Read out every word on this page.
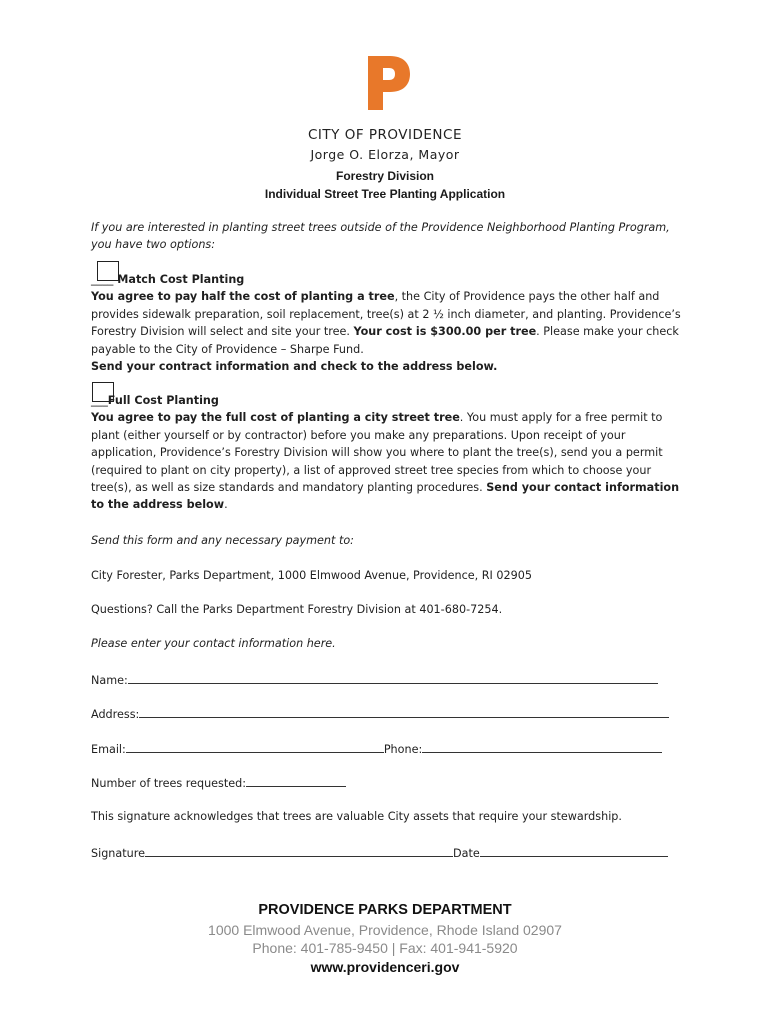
CITY OF PROVIDENCE
Jorge O. Elorza, Mayor
Forestry Division
Individual Street Tree Planting Application
If you are interested in planting street trees outside of the Providence Neighborhood Planting Program, you have two options:
____ Match Cost Planting
You agree to pay half the cost of planting a tree, the City of Providence pays the other half and provides sidewalk preparation, soil replacement, tree(s) at 2 ½ inch diameter, and planting. Providence’s Forestry Division will select and site your tree. Your cost is $300.00 per tree. Please make your check payable to the City of Providence – Sharpe Fund.
Send your contract information and check to the address below.
___Full Cost Planting
You agree to pay the full cost of planting a city street tree. You must apply for a free permit to plant (either yourself or by contractor) before you make any preparations. Upon receipt of your application, Providence’s Forestry Division will show you where to plant the tree(s), send you a permit (required to plant on city property), a list of approved street tree species from which to choose your tree(s), as well as size standards and mandatory planting procedures. Send your contact information to the address below.
Send this form and any necessary payment to:
City Forester, Parks Department, 1000 Elmwood Avenue, Providence, RI 02905
Questions? Call the Parks Department Forestry Division at 401-680-7254.
Please enter your contact information here.
Name:
Address:
Email:	Phone:
Number of trees requested:
This signature acknowledges that trees are valuable City assets that require your stewardship.
Signature	Date
PROVIDENCE PARKS DEPARTMENT
1000 Elmwood Avenue, Providence, Rhode Island 02907
Phone: 401-785-9450 | Fax: 401-941-5920
www.providenceri.gov
